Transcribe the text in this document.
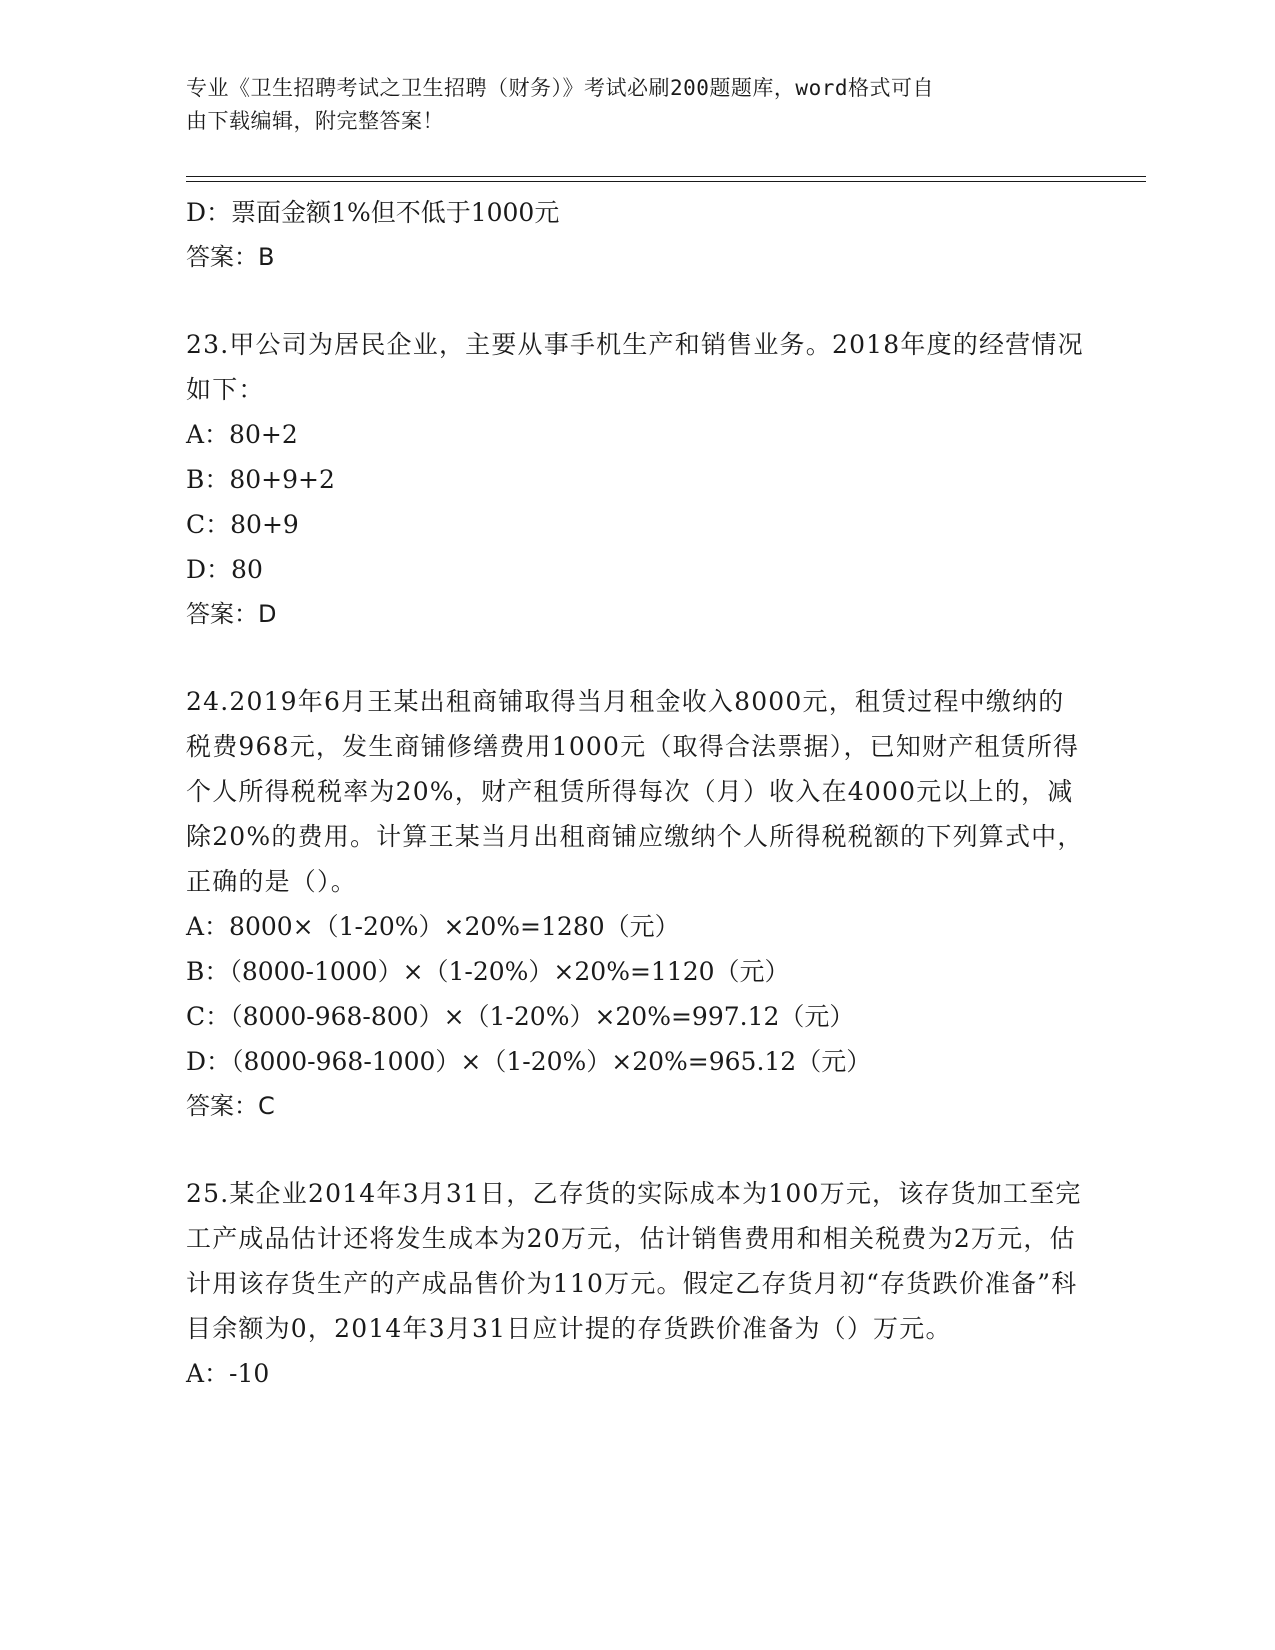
专业《卫生招聘考试之卫生招聘（财务）》考试必刷200题题库，word格式可自
由下载编辑，附完整答案！
D：票面金额1%但不低于1000元
答案：B
23.甲公司为居民企业，主要从事手机生产和销售业务。2018年度的经营情况如下：
A：80+2
B：80+9+2
C：80+9
D：80
答案：D
24.2019年6月王某出租商铺取得当月租金收入8000元，租赁过程中缴纳的税费968元，发生商铺修缮费用1000元（取得合法票据），已知财产租赁所得个人所得税税率为20%，财产租赁所得每次（月）收入在4000元以上的，减除20%的费用。计算王某当月出租商铺应缴纳个人所得税税额的下列算式中，正确的是（）。
A：8000×（1-20%）×20%=1280（元）
B：（8000-1000）×（1-20%）×20%=1120（元）
C：（8000-968-800）×（1-20%）×20%=997.12（元）
D：（8000-968-1000）×（1-20%）×20%=965.12（元）
答案：C
25.某企业2014年3月31日，乙存货的实际成本为100万元，该存货加工至完工产成品估计还将发生成本为20万元，估计销售费用和相关税费为2万元，估计用该存货生产的产成品售价为110万元。假定乙存货月初“存货跌价准备”科目余额为0，2014年3月31日应计提的存货跌价准备为（）万元。
A：-10
